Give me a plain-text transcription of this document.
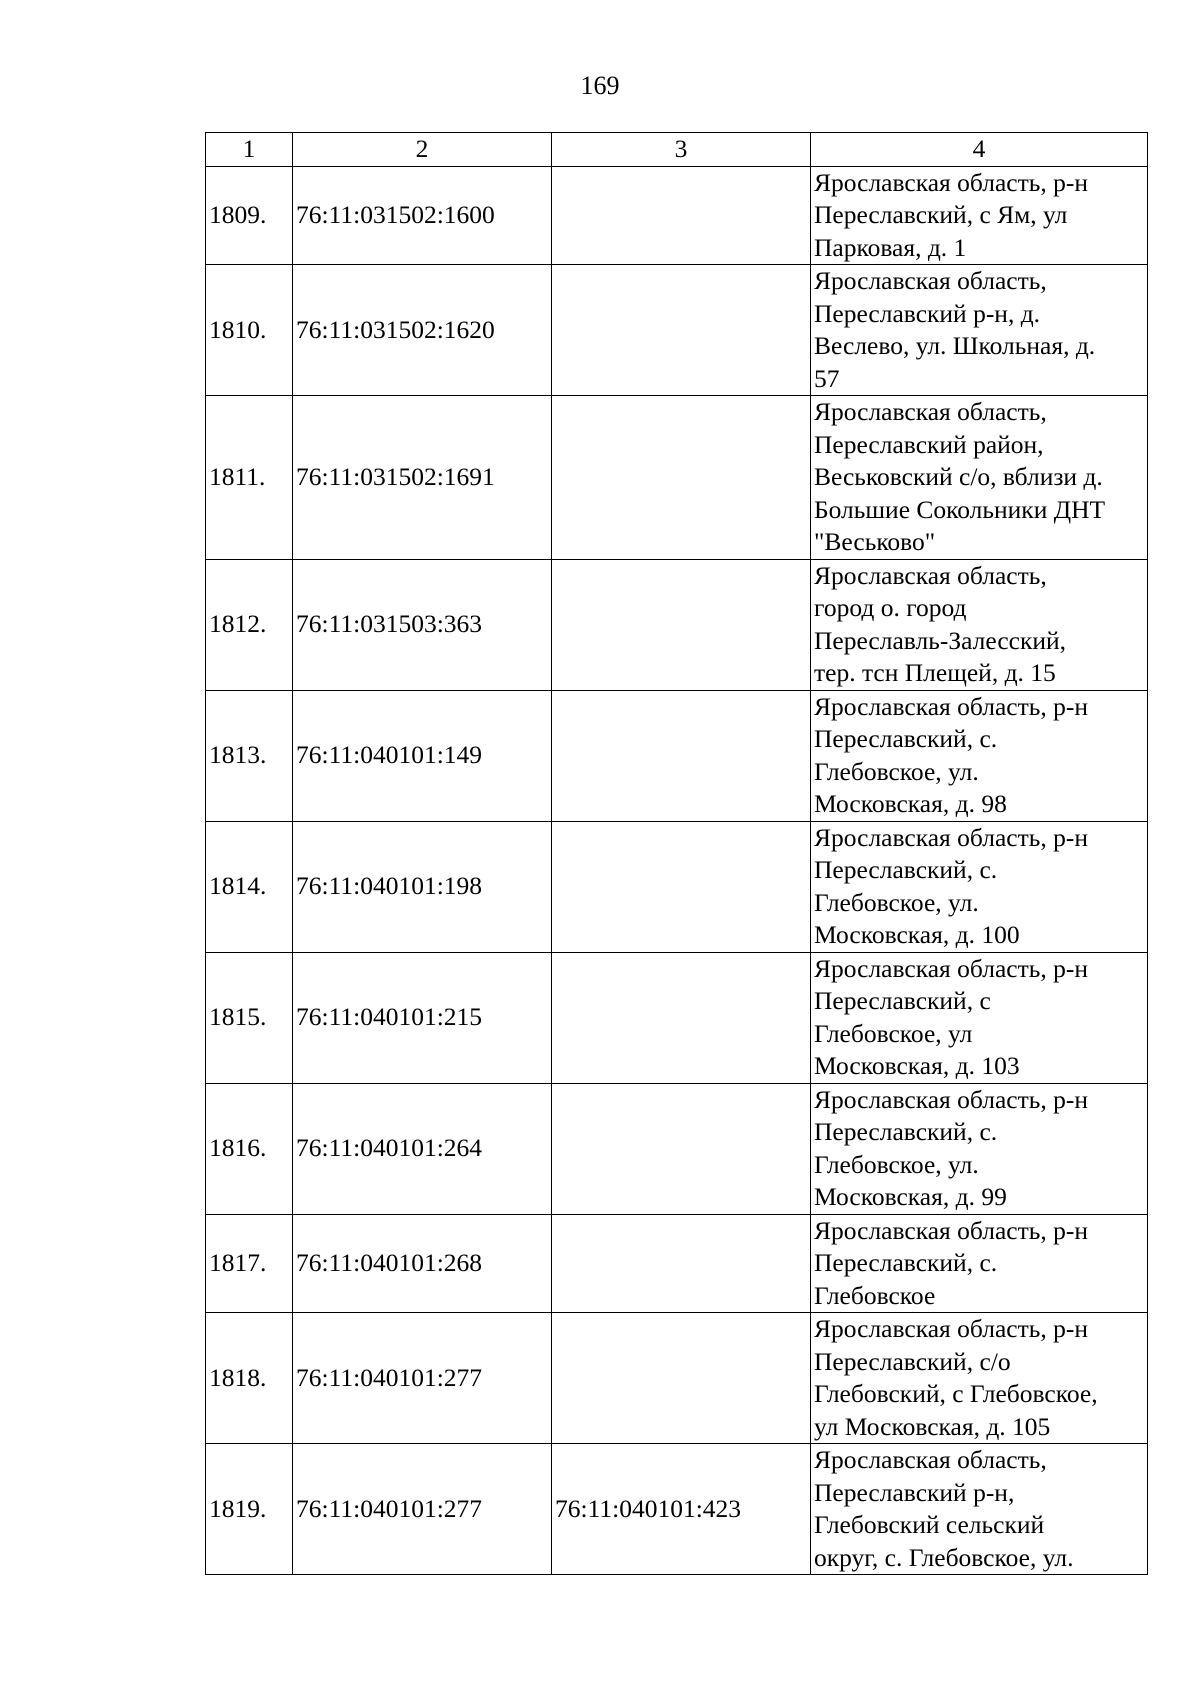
169
1	2	3	4
1809.	76:11:031502:1600		Ярославская область, р-н
Переславский, с Ям, ул
Парковая, д. 1
1810.	76:11:031502:1620		Ярославская область,
Переславский р-н, д.
Веслево, ул. Школьная, д.
57
1811.	76:11:031502:1691		Ярославская область,
Переславский район,
Веськовский с/о, вблизи д.
Большие Сокольники ДНТ
"Веськово"
1812.	76:11:031503:363		Ярославская область,
город о. город
Переславль-Залесский,
тер. тсн Плещей, д. 15
1813.	76:11:040101:149		Ярославская область, р-н
Переславский, с.
Глебовское, ул.
Московская, д. 98
1814.	76:11:040101:198		Ярославская область, р-н
Переславский, с.
Глебовское, ул.
Московская, д. 100
1815.	76:11:040101:215		Ярославская область, р-н
Переславский, с
Глебовское, ул
Московская, д. 103
1816.	76:11:040101:264		Ярославская область, р-н
Переславский, с.
Глебовское, ул.
Московская, д. 99
1817.	76:11:040101:268		Ярославская область, р-н
Переславский, с.
Глебовское
1818.	76:11:040101:277		Ярославская область, р-н
Переславский, с/о
Глебовский, с Глебовское,
ул Московская, д. 105
1819.	76:11:040101:277	76:11:040101:423	Ярославская область,
Переславский р-н,
Глебовский сельский
округ, с. Глебовское, ул.
